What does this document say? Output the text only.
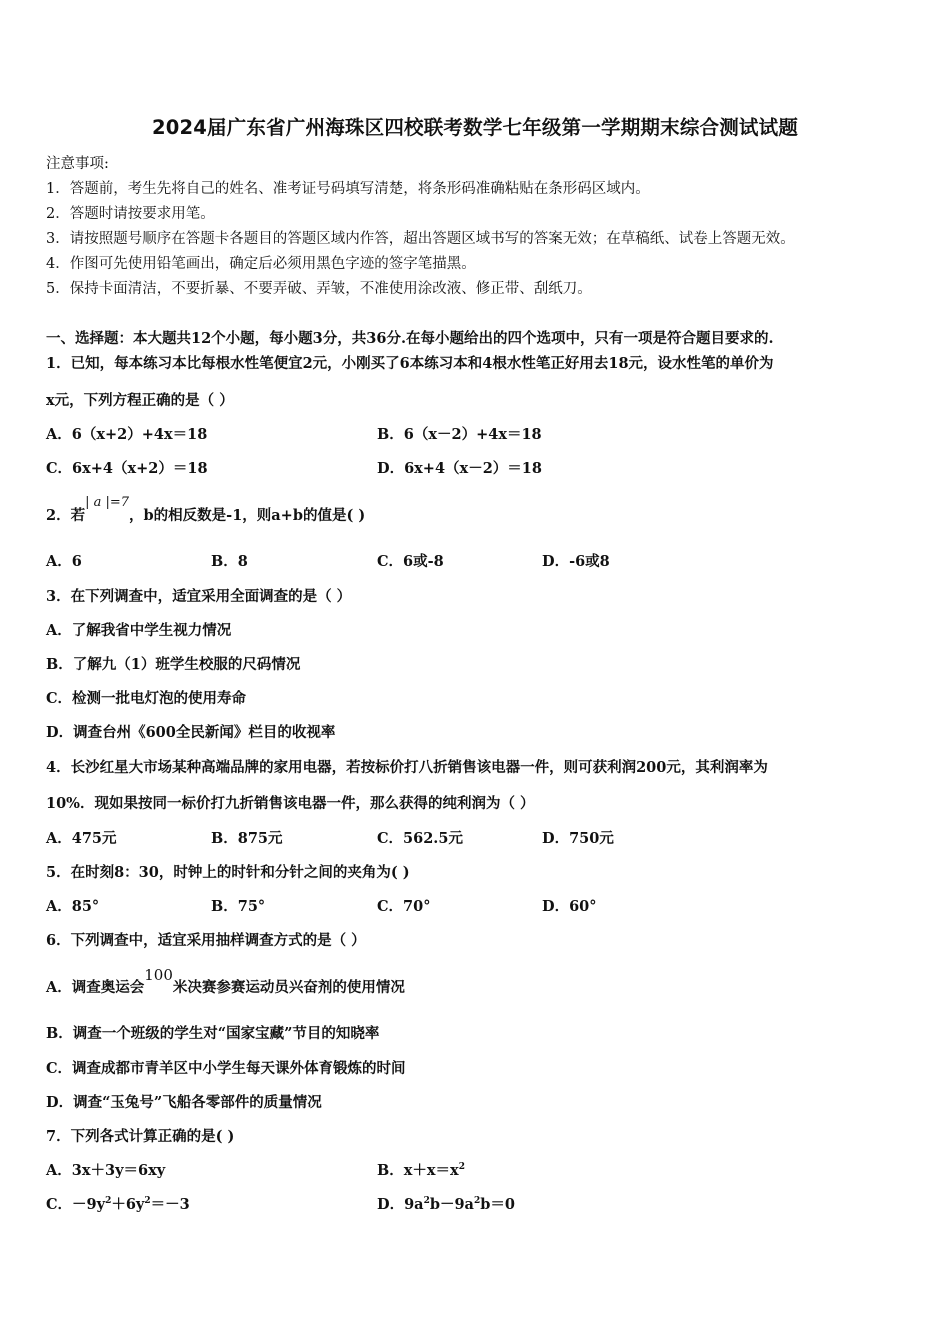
2024届广东省广州海珠区四校联考数学七年级第一学期期末综合测试试题
注意事项:
1．答题前，考生先将自己的姓名、准考证号码填写清楚，将条形码准确粘贴在条形码区域内。
2．答题时请按要求用笔。
3．请按照题号顺序在答题卡各题目的答题区域内作答，超出答题区域书写的答案无效；在草稿纸、试卷上答题无效。
4．作图可先使用铅笔画出，确定后必须用黑色字迹的签字笔描黑。
5．保持卡面清洁，不要折暴、不要弄破、弄皱，不准使用涂改液、修正带、刮纸刀。
一、选择题：本大题共12个小题，每小题3分，共36分.在每小题给出的四个选项中，只有一项是符合题目要求的.
1．已知，每本练习本比每根水性笔便宜2元，小刚买了6本练习本和4根水性笔正好用去18元，设水性笔的单价为
x元，下列方程正确的是（ ）
A．6（x+2）+4x＝18	B．6（x－2）+4x＝18
C．6x+4（x+2）＝18	D．6x+4（x－2）＝18
2．若| a |=7，b的相反数是-1，则a+b的值是( )
A．6	B．8	C．6或-8	D．-6或8
3．在下列调查中，适宜采用全面调查的是（ ）
A．了解我省中学生视力情况
B．了解九（1）班学生校服的尺码情况
C．检测一批电灯泡的使用寿命
D．调查台州《600全民新闻》栏目的收视率
4．长沙红星大市场某种高端品牌的家用电器，若按标价打八折销售该电器一件，则可获利润200元，其利润率为
10%．现如果按同一标价打九折销售该电器一件，那么获得的纯利润为（ ）
A．475元	B．875元	C．562.5元	D．750元
5．在时刻8：30，时钟上的时针和分针之间的夹角为( )
A．85°	B．75°	C．70°	D．60°
6．下列调查中，适宜采用抽样调查方式的是（ ）
A．调查奥运会100米决赛参赛运动员兴奋剂的使用情况
B．调查一个班级的学生对“国家宝藏”节目的知晓率
C．调查成都市青羊区中小学生每天课外体育锻炼的时间
D．调查“玉兔号”飞船各零部件的质量情况
7．下列各式计算正确的是( )
A．3x＋3y＝6xy	B．$x+x=x^2$
C．$-9y^2+6y^2=-3$	D．$9a^2b-9a^2b=0$
